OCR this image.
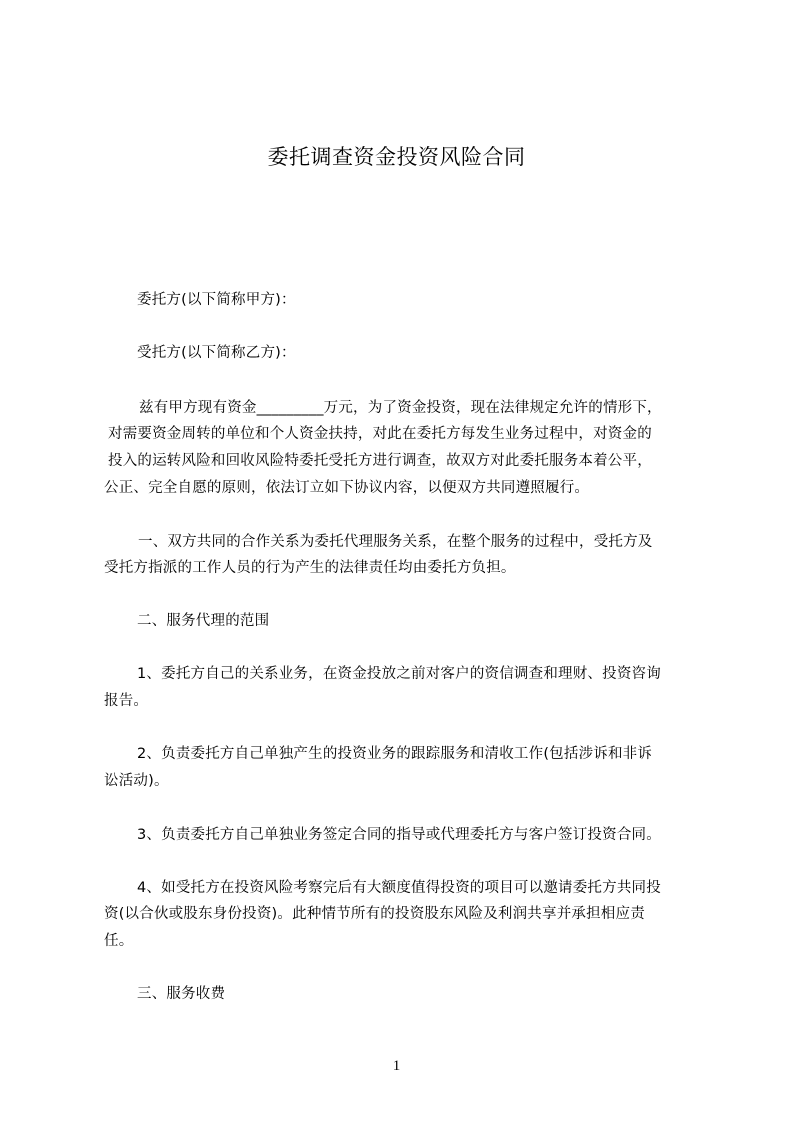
委托调查资金投资风险合同
委托方(以下简称甲方)：
受托方(以下简称乙方)：
兹有甲方现有资金_________万元，为了资金投资，现在法律规定允许的情形下，
对需要资金周转的单位和个人资金扶持，对此在委托方每发生业务过程中，对资金的
投入的运转风险和回收风险特委托受托方进行调查，故双方对此委托服务本着公平，
公正、完全自愿的原则，依法订立如下协议内容，以便双方共同遵照履行。
一、双方共同的合作关系为委托代理服务关系，在整个服务的过程中，受托方及
受托方指派的工作人员的行为产生的法律责任均由委托方负担。
二、服务代理的范围
1、委托方自己的关系业务，在资金投放之前对客户的资信调查和理财、投资咨询
报告。
2、负责委托方自己单独产生的投资业务的跟踪服务和清收工作(包括涉诉和非诉
讼活动)。
3、负责委托方自己单独业务签定合同的指导或代理委托方与客户签订投资合同。
4、如受托方在投资风险考察完后有大额度值得投资的项目可以邀请委托方共同投
资(以合伙或股东身份投资)。此种情节所有的投资股东风险及利润共享并承担相应责
任。
三、服务收费
1
